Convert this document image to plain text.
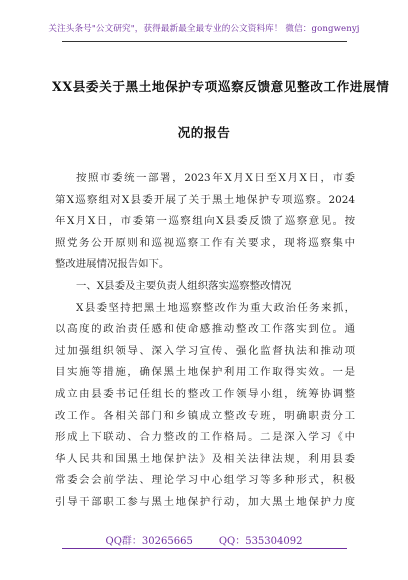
关注头条号"公文研究"，获得最新最全最专业的公文资料库！ 微信：gongwenyj
XX县委关于黑土地保护专项巡察反馈意见整改工作进展情
况的报告
按照市委统一部署，2023年X月X日至X月X日，市委
第X巡察组对X县委开展了关于黑土地保护专项巡察。2024
年X月X日，市委第一巡察组向X县委反馈了巡察意见。按
照党务公开原则和巡视巡察工作有关要求，现将巡察集中
整改进展情况报告如下。
一、X县委及主要负责人组织落实巡察整改情况
X县委坚持把黑土地巡察整改作为重大政治任务来抓，
以高度的政治责任感和使命感推动整改工作落实到位。通
过加强组织领导、深入学习宣传、强化监督执法和推动项
目实施等措施，确保黑土地保护利用工作取得实效。一是
成立由县委书记任组长的整改工作领导小组，统筹协调整
改工作。各相关部门和乡镇成立整改专班，明确职责分工
形成上下联动、合力整改的工作格局。二是深入学习《中
华人民共和国黑土地保护法》及相关法律法规，利用县委
常委会会前学法、理论学习中心组学习等多种形式，积极
引导干部职工参与黑土地保护行动，加大黑土地保护力度
QQ群：30265665	QQ：535304092
